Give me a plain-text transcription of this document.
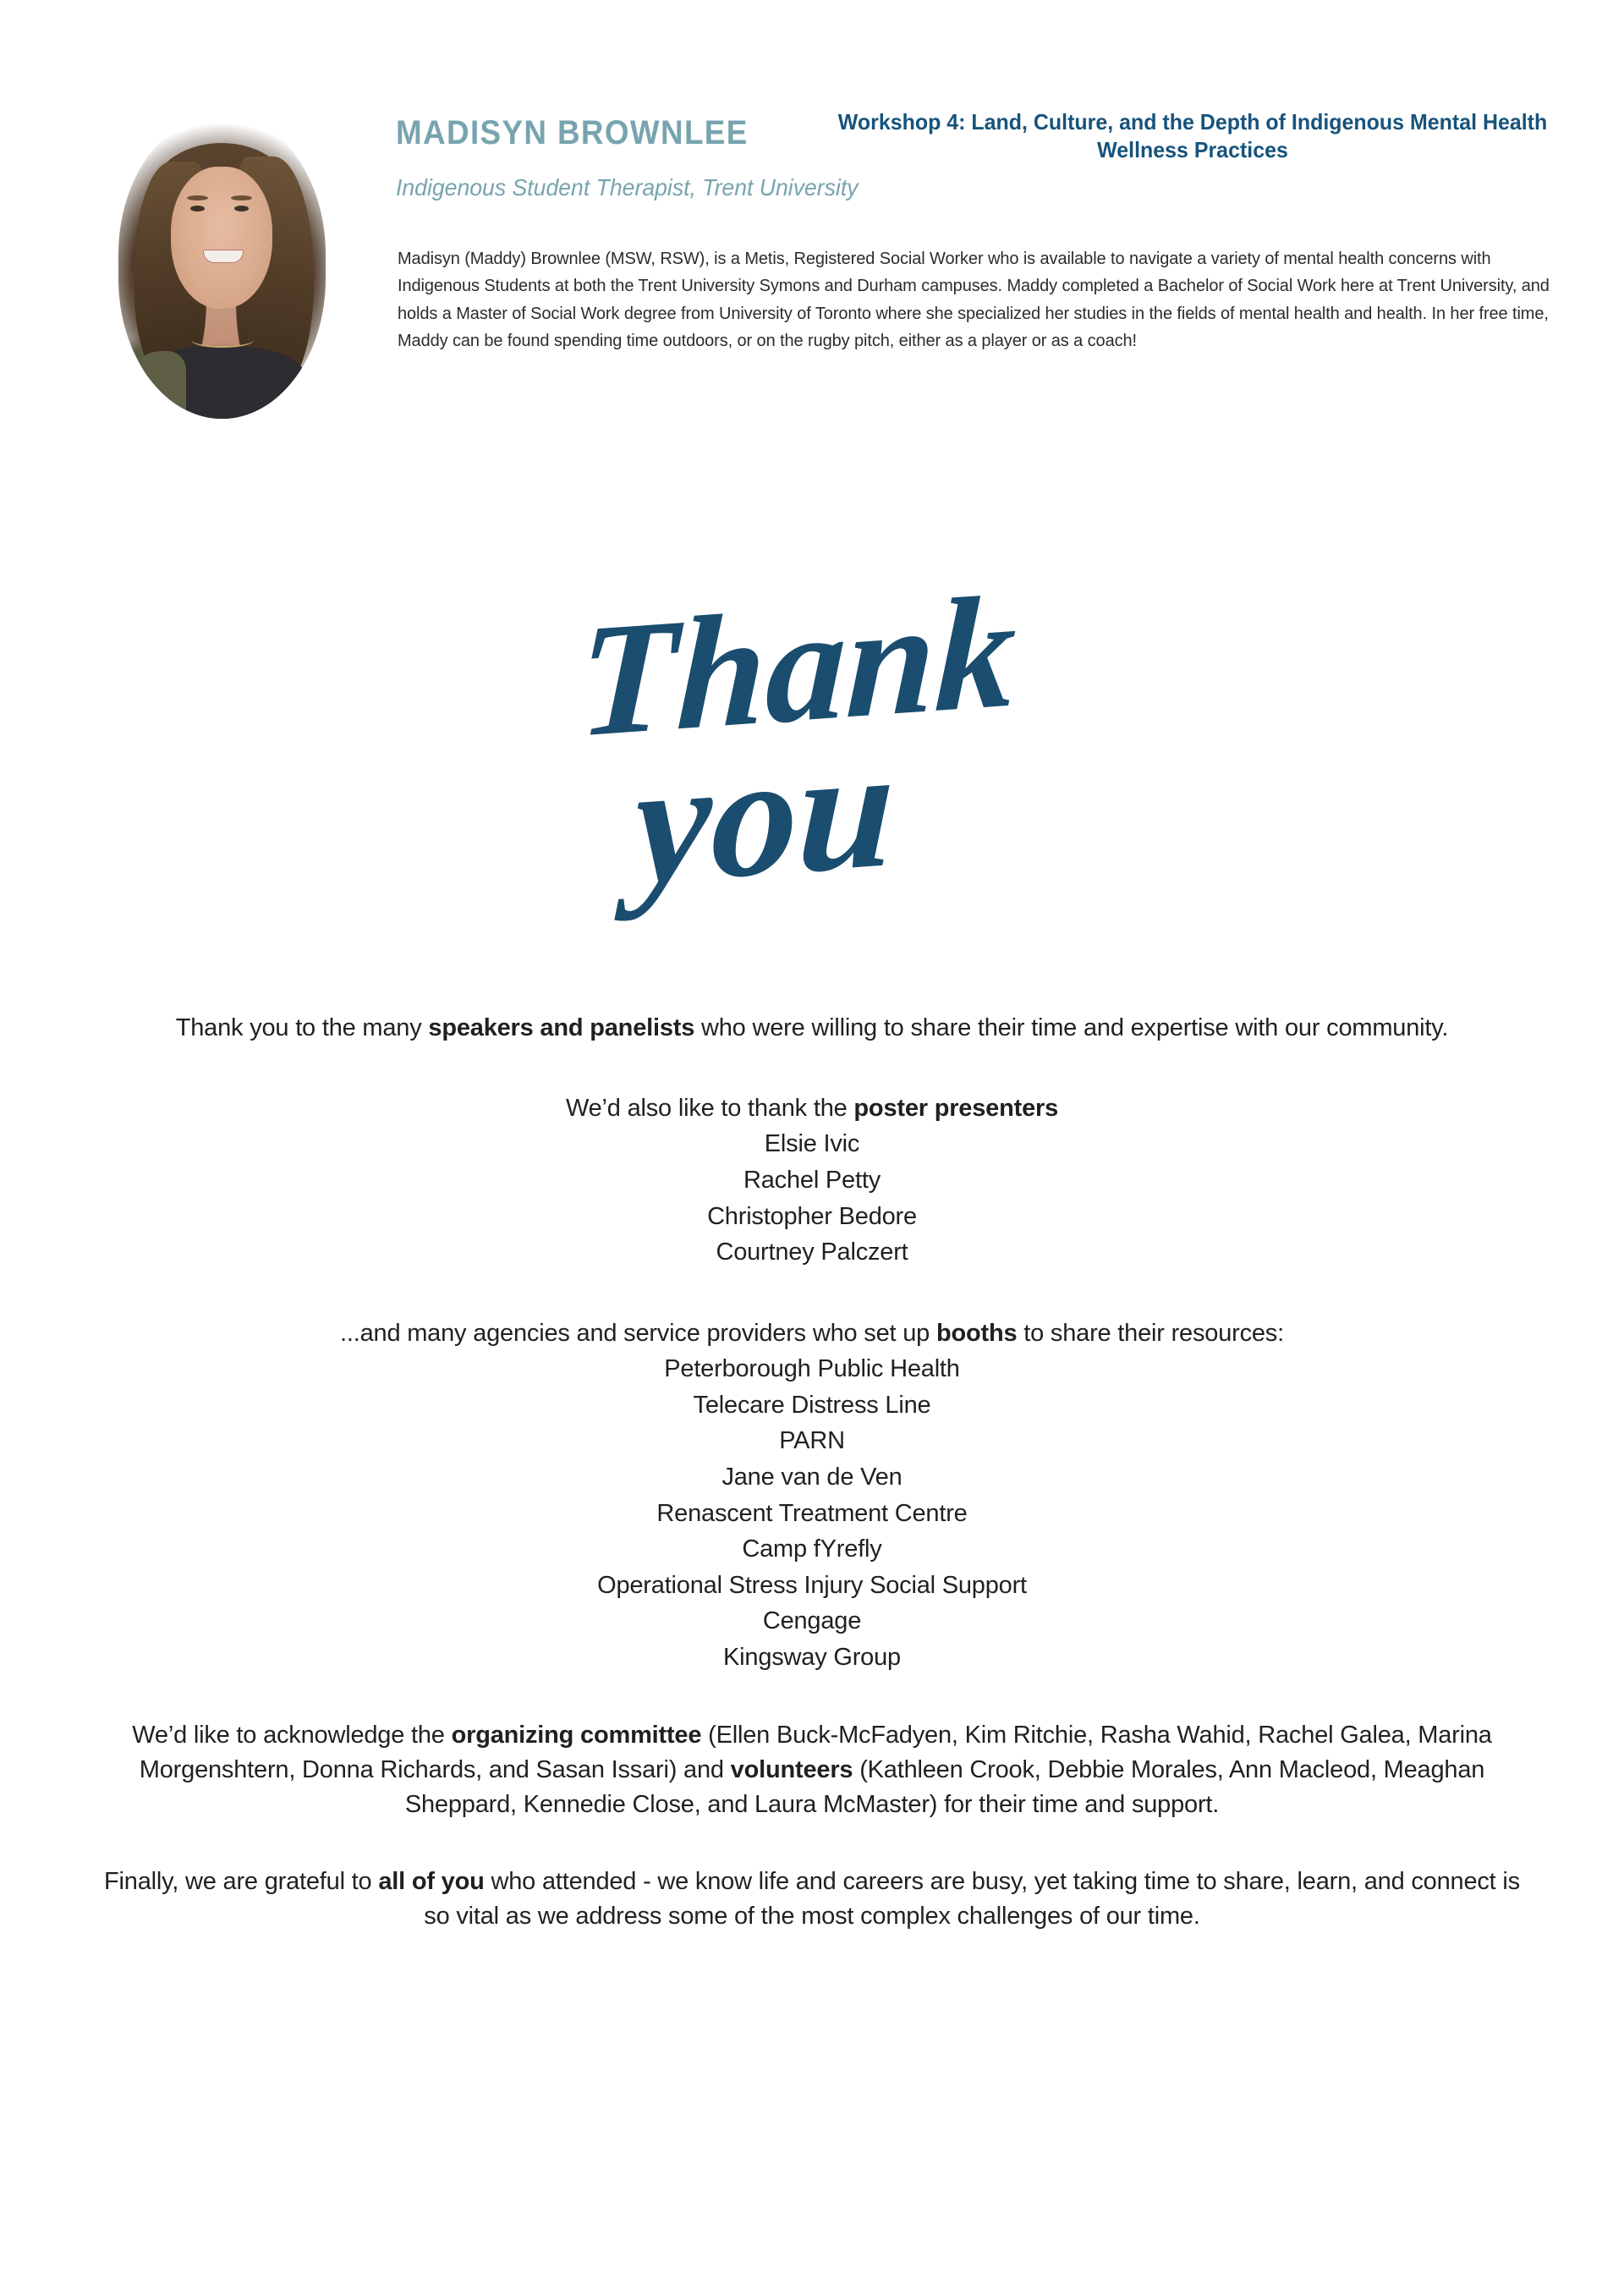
MADISYN BROWNLEE
Indigenous Student Therapist, Trent University
Workshop 4: Land, Culture, and the Depth of Indigenous Mental Health Wellness Practices
Madisyn (Maddy) Brownlee (MSW, RSW), is a Metis, Registered Social Worker who is available to navigate a variety of mental health concerns with Indigenous Students at both the Trent University Symons and Durham campuses. Maddy completed a Bachelor of Social Work here at Trent University, and holds a Master of Social Work degree from University of Toronto where she specialized her studies in the fields of mental health and health. In her free time, Maddy can be found spending time outdoors, or on the rugby pitch, either as a player or as a coach!
Thank
you

Thank you to the many speakers and panelists who were willing to share their time and expertise with our community.

We’d also like to thank the poster presenters

Elsie Ivic

Rachel Petty

Christopher Bedore

Courtney Palczert

...and many agencies and service providers who set up booths to share their resources:

Peterborough Public Health

Telecare Distress Line

PARN

Jane van de Ven

Renascent Treatment Centre

Camp fYrefly

Operational Stress Injury Social Support

Cengage

Kingsway Group

We’d like to acknowledge the organizing committee (Ellen Buck-McFadyen, Kim Ritchie, Rasha Wahid, Rachel Galea, Marina Morgenshtern, Donna Richards, and Sasan Issari) and volunteers (Kathleen Crook, Debbie Morales, Ann Macleod, Meaghan Sheppard, Kennedie Close, and Laura McMaster) for their time and support.

Finally, we are grateful to all of you who attended - we know life and careers are busy, yet taking time to share, learn, and connect is so vital as we address some of the most complex challenges of our time.
